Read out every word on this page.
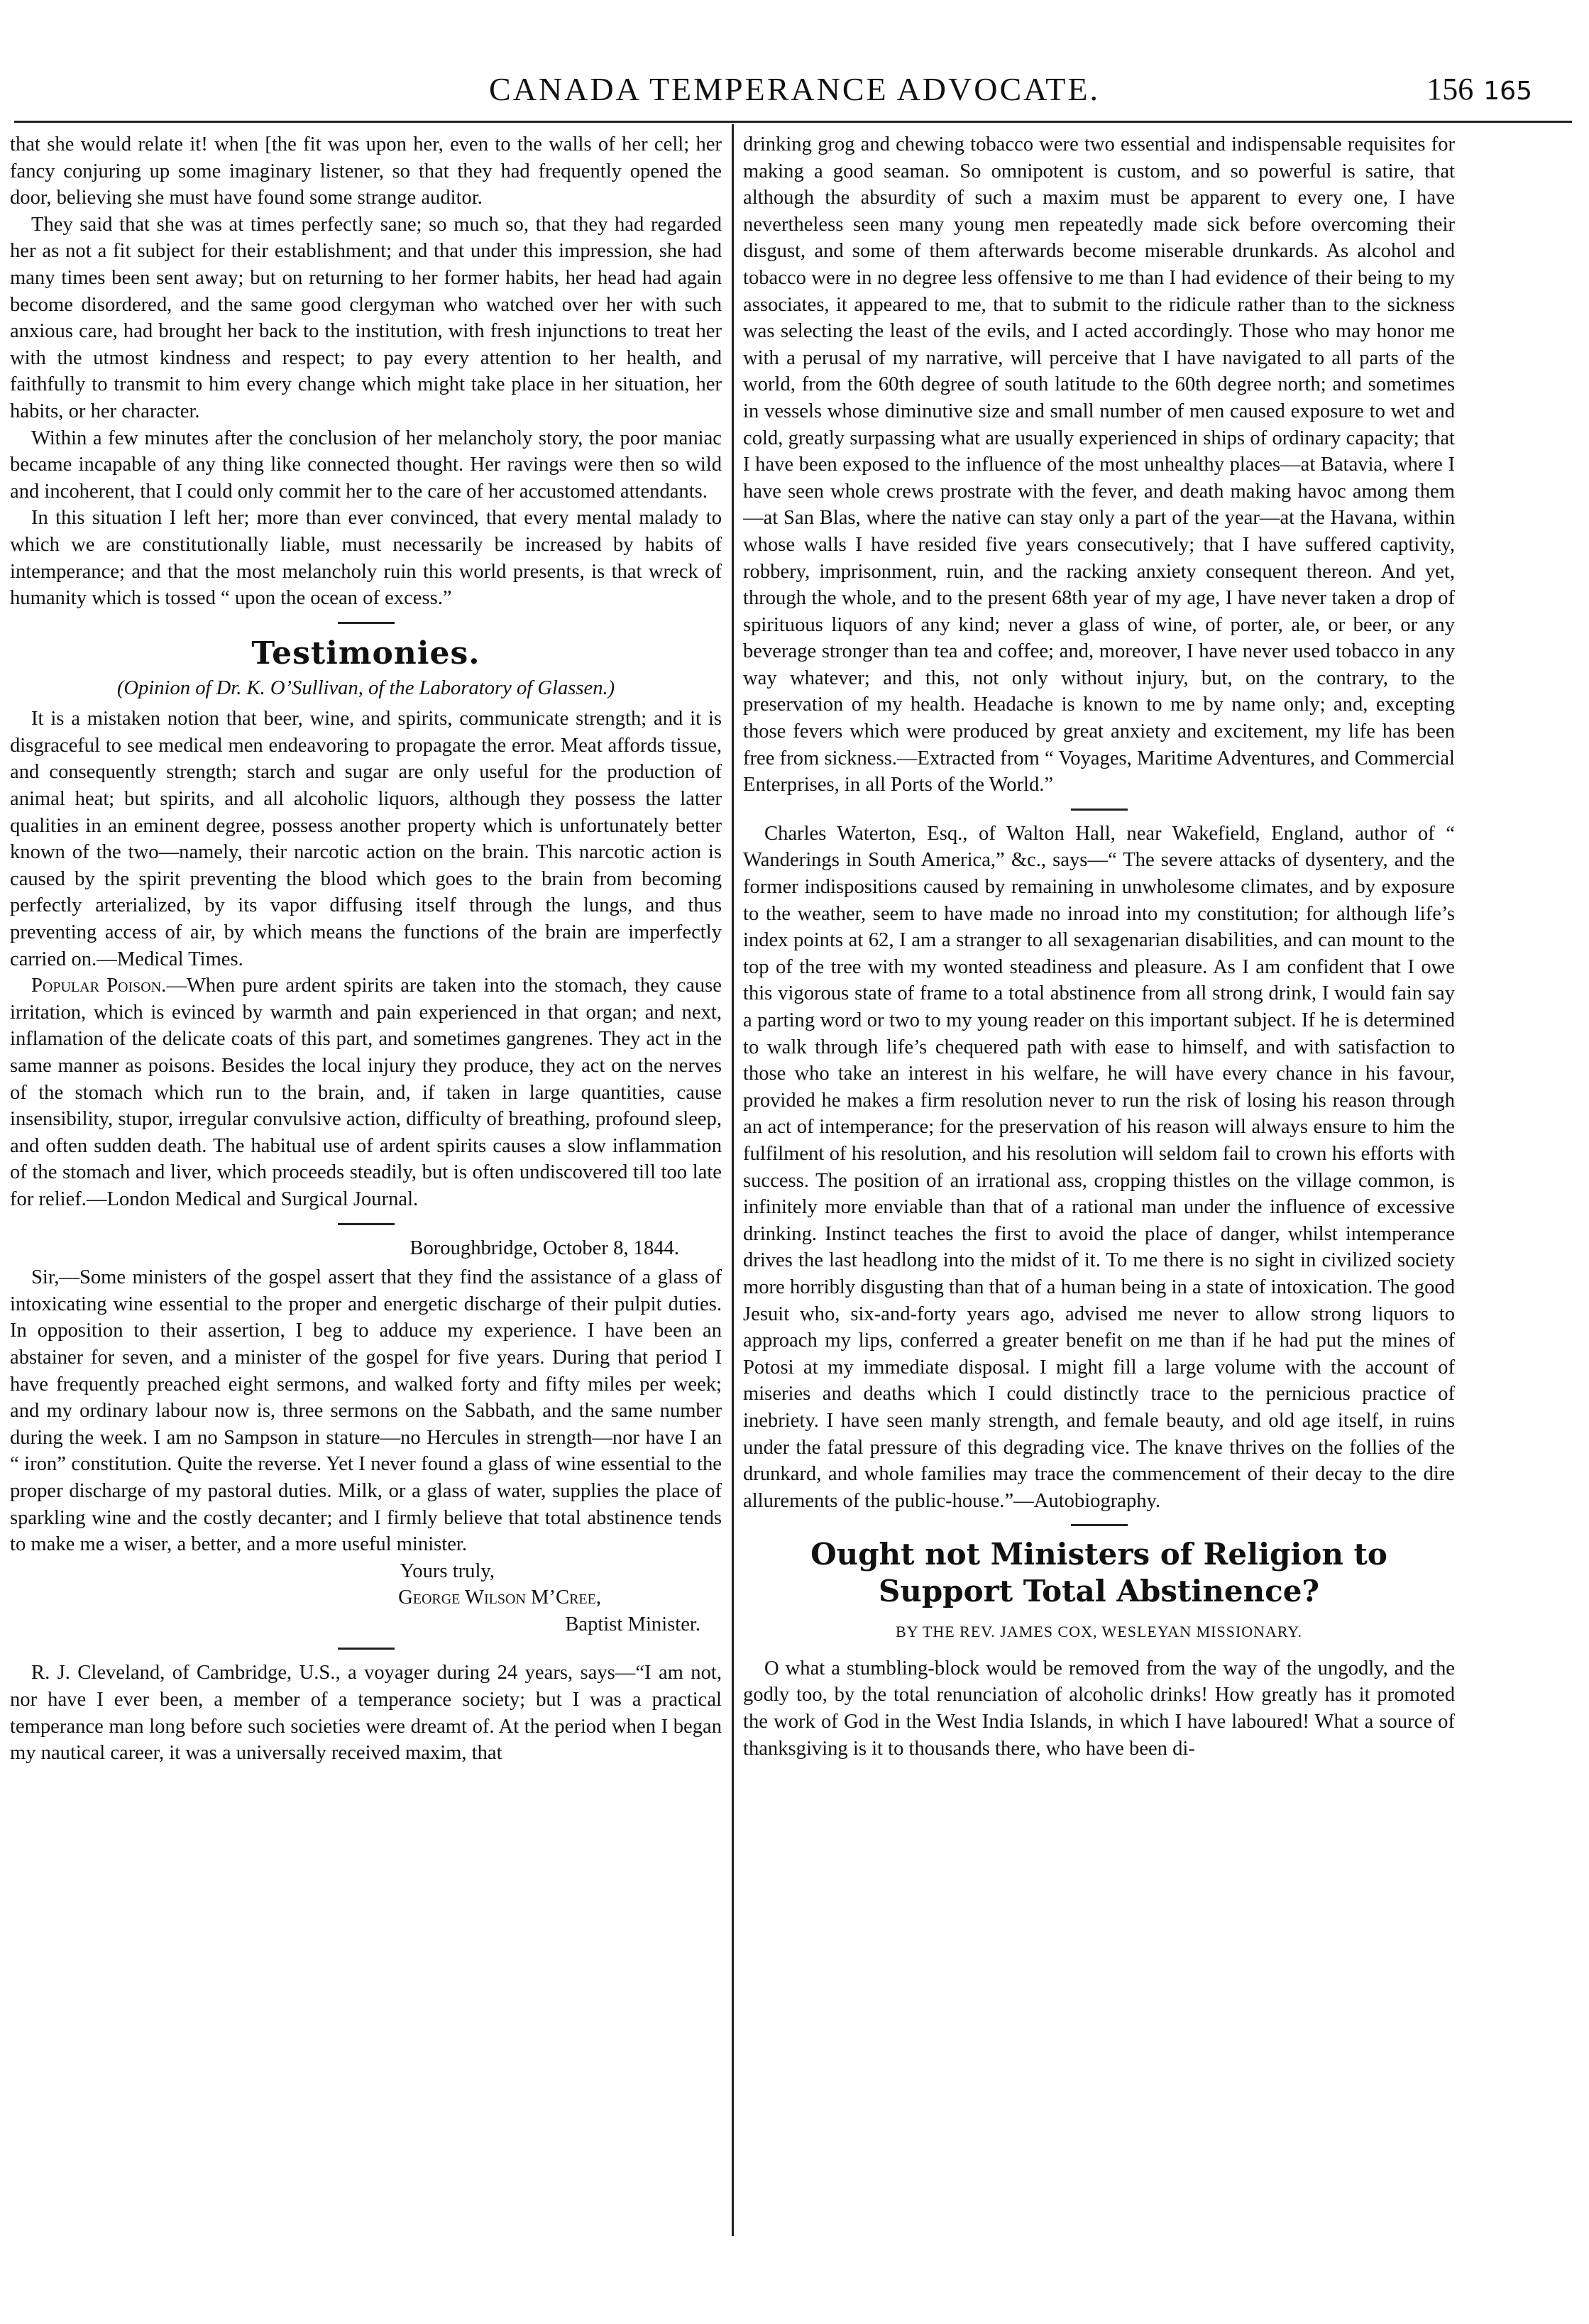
CANADA TEMPERANCE ADVOCATE.	156 165

that she would relate it! when [the fit was upon her, even to the walls of her cell; her fancy conjuring up some imaginary listener, so that they had frequently opened the door, believing she must have found some strange auditor.

They said that she was at times perfectly sane; so much so, that they had regarded her as not a fit subject for their establishment; and that under this impression, she had many times been sent away; but on returning to her former habits, her head had again become disordered, and the same good clergyman who watched over her with such anxious care, had brought her back to the institution, with fresh injunctions to treat her with the utmost kindness and respect; to pay every attention to her health, and faithfully to transmit to him every change which might take place in her situation, her habits, or her character.

Within a few minutes after the conclusion of her melancholy story, the poor maniac became incapable of any thing like connected thought. Her ravings were then so wild and incoherent, that I could only commit her to the care of her accustomed attendants.

In this situation I left her; more than ever convinced, that every mental malady to which we are constitutionally liable, must necessarily be increased by habits of intemperance; and that the most melancholy ruin this world presents, is that wreck of humanity which is tossed “ upon the ocean of excess.”

Testimonies.
(Opinion of Dr. K. O’Sullivan, of the Laboratory of Glassen.)

It is a mistaken notion that beer, wine, and spirits, communicate strength; and it is disgraceful to see medical men endeavoring to propagate the error. Meat affords tissue, and consequently strength; starch and sugar are only useful for the production of animal heat; but spirits, and all alcoholic liquors, although they possess the latter qualities in an eminent degree, possess another property which is unfortunately better known of the two—namely, their narcotic action on the brain. This narcotic action is caused by the spirit preventing the blood which goes to the brain from becoming perfectly arterialized, by its vapor diffusing itself through the lungs, and thus preventing access of air, by which means the functions of the brain are imperfectly carried on.—Medical Times.

Popular Poison.—When pure ardent spirits are taken into the stomach, they cause irritation, which is evinced by warmth and pain experienced in that organ; and next, inflamation of the delicate coats of this part, and sometimes gangrenes. They act in the same manner as poisons. Besides the local injury they produce, they act on the nerves of the stomach which run to the brain, and, if taken in large quantities, cause insensibility, stupor, irregular convulsive action, difficulty of breathing, profound sleep, and often sudden death. The habitual use of ardent spirits causes a slow inflammation of the stomach and liver, which proceeds steadily, but is often undiscovered till too late for relief.—London Medical and Surgical Journal.

Boroughbridge, October 8, 1844.

Sir,—Some ministers of the gospel assert that they find the assistance of a glass of intoxicating wine essential to the proper and energetic discharge of their pulpit duties. In opposition to their assertion, I beg to adduce my experience. I have been an abstainer for seven, and a minister of the gospel for five years. During that period I have frequently preached eight sermons, and walked forty and fifty miles per week; and my ordinary labour now is, three sermons on the Sabbath, and the same number during the week. I am no Sampson in stature—no Hercules in strength—nor have I an “ iron” constitution. Quite the reverse. Yet I never found a glass of wine essential to the proper discharge of my pastoral duties. Milk, or a glass of water, supplies the place of sparkling wine and the costly decanter; and I firmly believe that total abstinence tends to make me a wiser, a better, and a more useful minister.

Yours truly,

George Wilson M’Cree,

Baptist Minister.

R. J. Cleveland, of Cambridge, U.S., a voyager during 24 years, says—“I am not, nor have I ever been, a member of a temperance society; but I was a practical temperance man long before such societies were dreamt of. At the period when I began my nautical career, it was a universally received maxim, that

drinking grog and chewing tobacco were two essential and indispensable requisites for making a good seaman. So omnipotent is custom, and so powerful is satire, that although the absurdity of such a maxim must be apparent to every one, I have nevertheless seen many young men repeatedly made sick before overcoming their disgust, and some of them afterwards become miserable drunkards. As alcohol and tobacco were in no degree less offensive to me than I had evidence of their being to my associates, it appeared to me, that to submit to the ridicule rather than to the sickness was selecting the least of the evils, and I acted accordingly. Those who may honor me with a perusal of my narrative, will perceive that I have navigated to all parts of the world, from the 60th degree of south latitude to the 60th degree north; and sometimes in vessels whose diminutive size and small number of men caused exposure to wet and cold, greatly surpassing what are usually experienced in ships of ordinary capacity; that I have been exposed to the influence of the most unhealthy places—at Batavia, where I have seen whole crews prostrate with the fever, and death making havoc among them—at San Blas, where the native can stay only a part of the year—at the Havana, within whose walls I have resided five years consecutively; that I have suffered captivity, robbery, imprisonment, ruin, and the racking anxiety consequent thereon. And yet, through the whole, and to the present 68th year of my age, I have never taken a drop of spirituous liquors of any kind; never a glass of wine, of porter, ale, or beer, or any beverage stronger than tea and coffee; and, moreover, I have never used tobacco in any way whatever; and this, not only without injury, but, on the contrary, to the preservation of my health. Headache is known to me by name only; and, excepting those fevers which were produced by great anxiety and excitement, my life has been free from sickness.—Extracted from “ Voyages, Maritime Adventures, and Commercial Enterprises, in all Ports of the World.”

Charles Waterton, Esq., of Walton Hall, near Wakefield, England, author of “ Wanderings in South America,” &c., says—“ The severe attacks of dysentery, and the former indispositions caused by remaining in unwholesome climates, and by exposure to the weather, seem to have made no inroad into my constitution; for although life’s index points at 62, I am a stranger to all sexagenarian disabilities, and can mount to the top of the tree with my wonted steadiness and pleasure. As I am confident that I owe this vigorous state of frame to a total abstinence from all strong drink, I would fain say a parting word or two to my young reader on this important subject. If he is determined to walk through life’s chequered path with ease to himself, and with satisfaction to those who take an interest in his welfare, he will have every chance in his favour, provided he makes a firm resolution never to run the risk of losing his reason through an act of intemperance; for the preservation of his reason will always ensure to him the fulfilment of his resolution, and his resolution will seldom fail to crown his efforts with success. The position of an irrational ass, cropping thistles on the village common, is infinitely more enviable than that of a rational man under the influence of excessive drinking. Instinct teaches the first to avoid the place of danger, whilst intemperance drives the last headlong into the midst of it. To me there is no sight in civilized society more horribly disgusting than that of a human being in a state of intoxication. The good Jesuit who, six-and-forty years ago, advised me never to allow strong liquors to approach my lips, conferred a greater benefit on me than if he had put the mines of Potosi at my immediate disposal. I might fill a large volume with the account of miseries and deaths which I could distinctly trace to the pernicious practice of inebriety. I have seen manly strength, and female beauty, and old age itself, in ruins under the fatal pressure of this degrading vice. The knave thrives on the follies of the drunkard, and whole families may trace the commencement of their decay to the dire allurements of the public-house.”—Autobiography.

Ought not Ministers of Religion to Support Total Abstinence?
BY THE REV. JAMES COX, WESLEYAN MISSIONARY.

O what a stumbling-block would be removed from the way of the ungodly, and the godly too, by the total renunciation of alcoholic drinks! How greatly has it promoted the work of God in the West India Islands, in which I have laboured! What a source of thanksgiving is it to thousands there, who have been di-
